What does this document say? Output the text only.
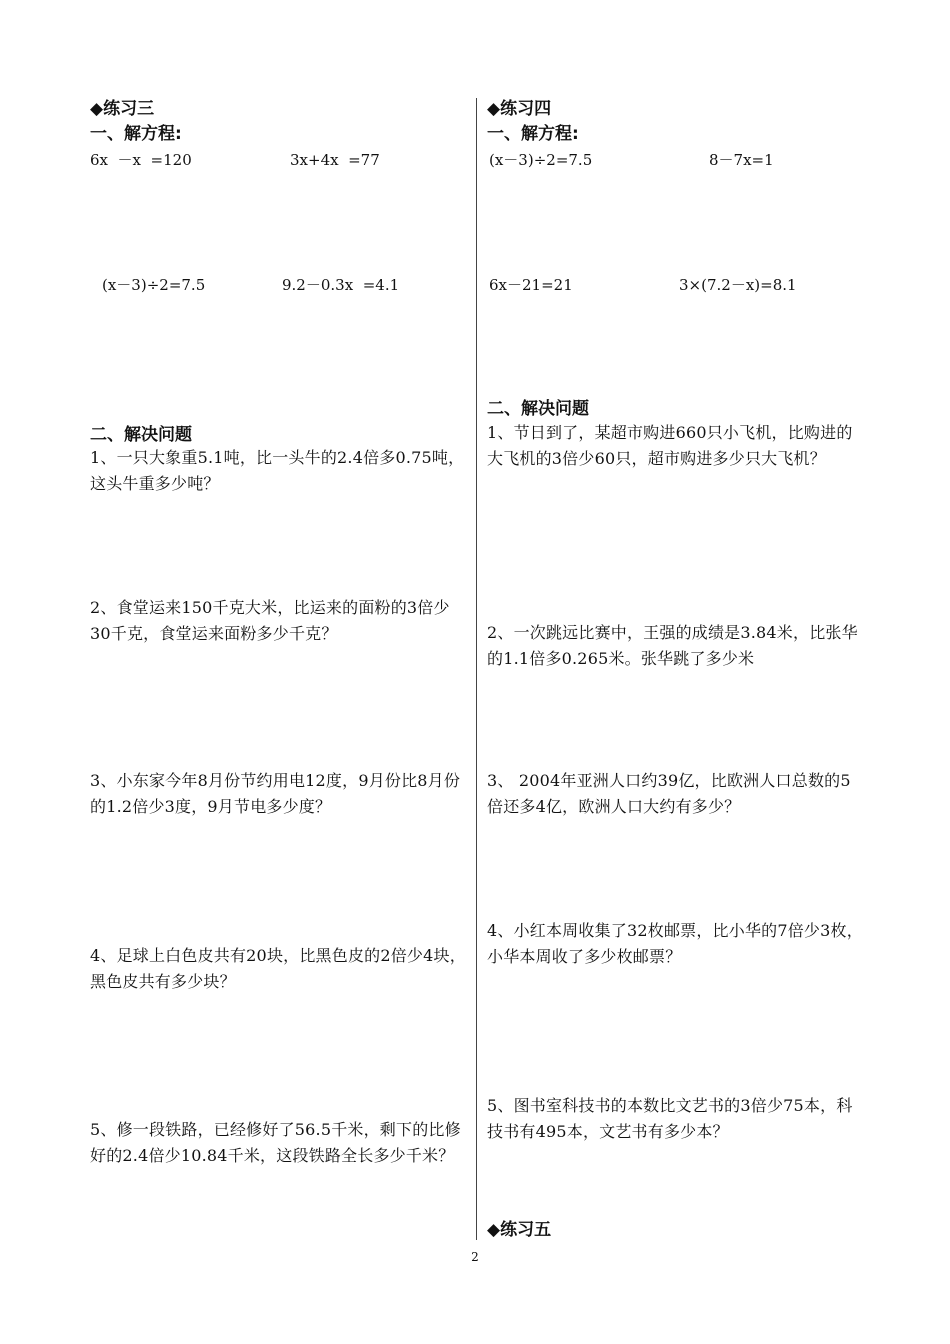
◆练习三
一、解方程:
6x  －x  =120	3x+4x  =77
(x－3)÷2=7.5	9.2－0.3x  =4.1
二、解决问题
1、一只大象重5.1吨，比一头牛的2.4倍多0.75吨，这头牛重多少吨？
2、食堂运来150千克大米，比运来的面粉的3倍少30千克，食堂运来面粉多少千克？
3、小东家今年8月份节约用电12度，9月份比8月份的1.2倍少3度，9月节电多少度？
4、足球上白色皮共有20块，比黑色皮的2倍少4块，黑色皮共有多少块？
5、修一段铁路，已经修好了56.5千米，剩下的比修好的2.4倍少10.84千米，这段铁路全长多少千米？
◆练习四
一、解方程:
(x－3)÷2=7.5	8－7x=1
6x－21=21	3×(7.2－x)=8.1
二、解决问题
1、节日到了，某超市购进660只小飞机，比购进的大飞机的3倍少60只，超市购进多少只大飞机？
2、一次跳远比赛中，王强的成绩是3.84米，比张华的1.1倍多0.265米。张华跳了多少米
3、 2004年亚洲人口约39亿，比欧洲人口总数的5倍还多4亿，欧洲人口大约有多少？
4、小红本周收集了32枚邮票，比小华的7倍少3枚，小华本周收了多少枚邮票？
5、图书室科技书的本数比文艺书的3倍少75本，科技书有495本，文艺书有多少本？
◆练习五
2
